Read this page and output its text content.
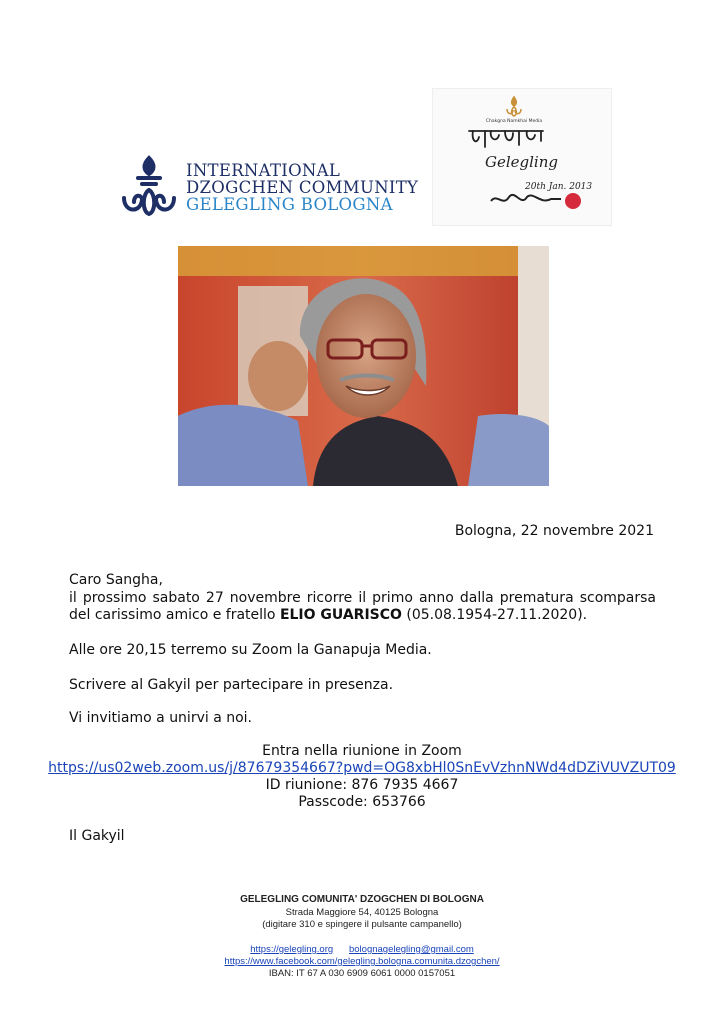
INTERNATIONAL
DZOGCHEN COMMUNITY
GELEGLING BOLOGNA
Chakgna Namkhai Media
Gelegling
20th Jan. 2013
Bologna, 22 novembre 2021
Caro Sangha,
il prossimo sabato 27 novembre ricorre il primo anno dalla prematura scomparsa del carissimo amico e fratello ELIO GUARISCO (05.08.1954-27.11.2020).
Alle ore 20,15 terremo su Zoom la Ganapuja Media.
Scrivere al Gakyil per partecipare in presenza.
Vi invitiamo a unirvi a noi.
Entra nella riunione in Zoom
https://us02web.zoom.us/j/87679354667?pwd=OG8xbHl0SnEvVzhnNWd4dDZiVUVZUT09
ID riunione: 876 7935 4667
Passcode: 653766
Il Gakyil
GELEGLING COMUNITA' DZOGCHEN DI BOLOGNA
Strada Maggiore 54, 40125 Bologna
(digitare 310 e spingere il pulsante campanello)
https://gelegling.org bolognagelegling@gmail.com
https://www.facebook.com/gelegling.bologna.comunita.dzogchen/
IBAN: IT 67 A 030 6909 6061 0000 0157051
